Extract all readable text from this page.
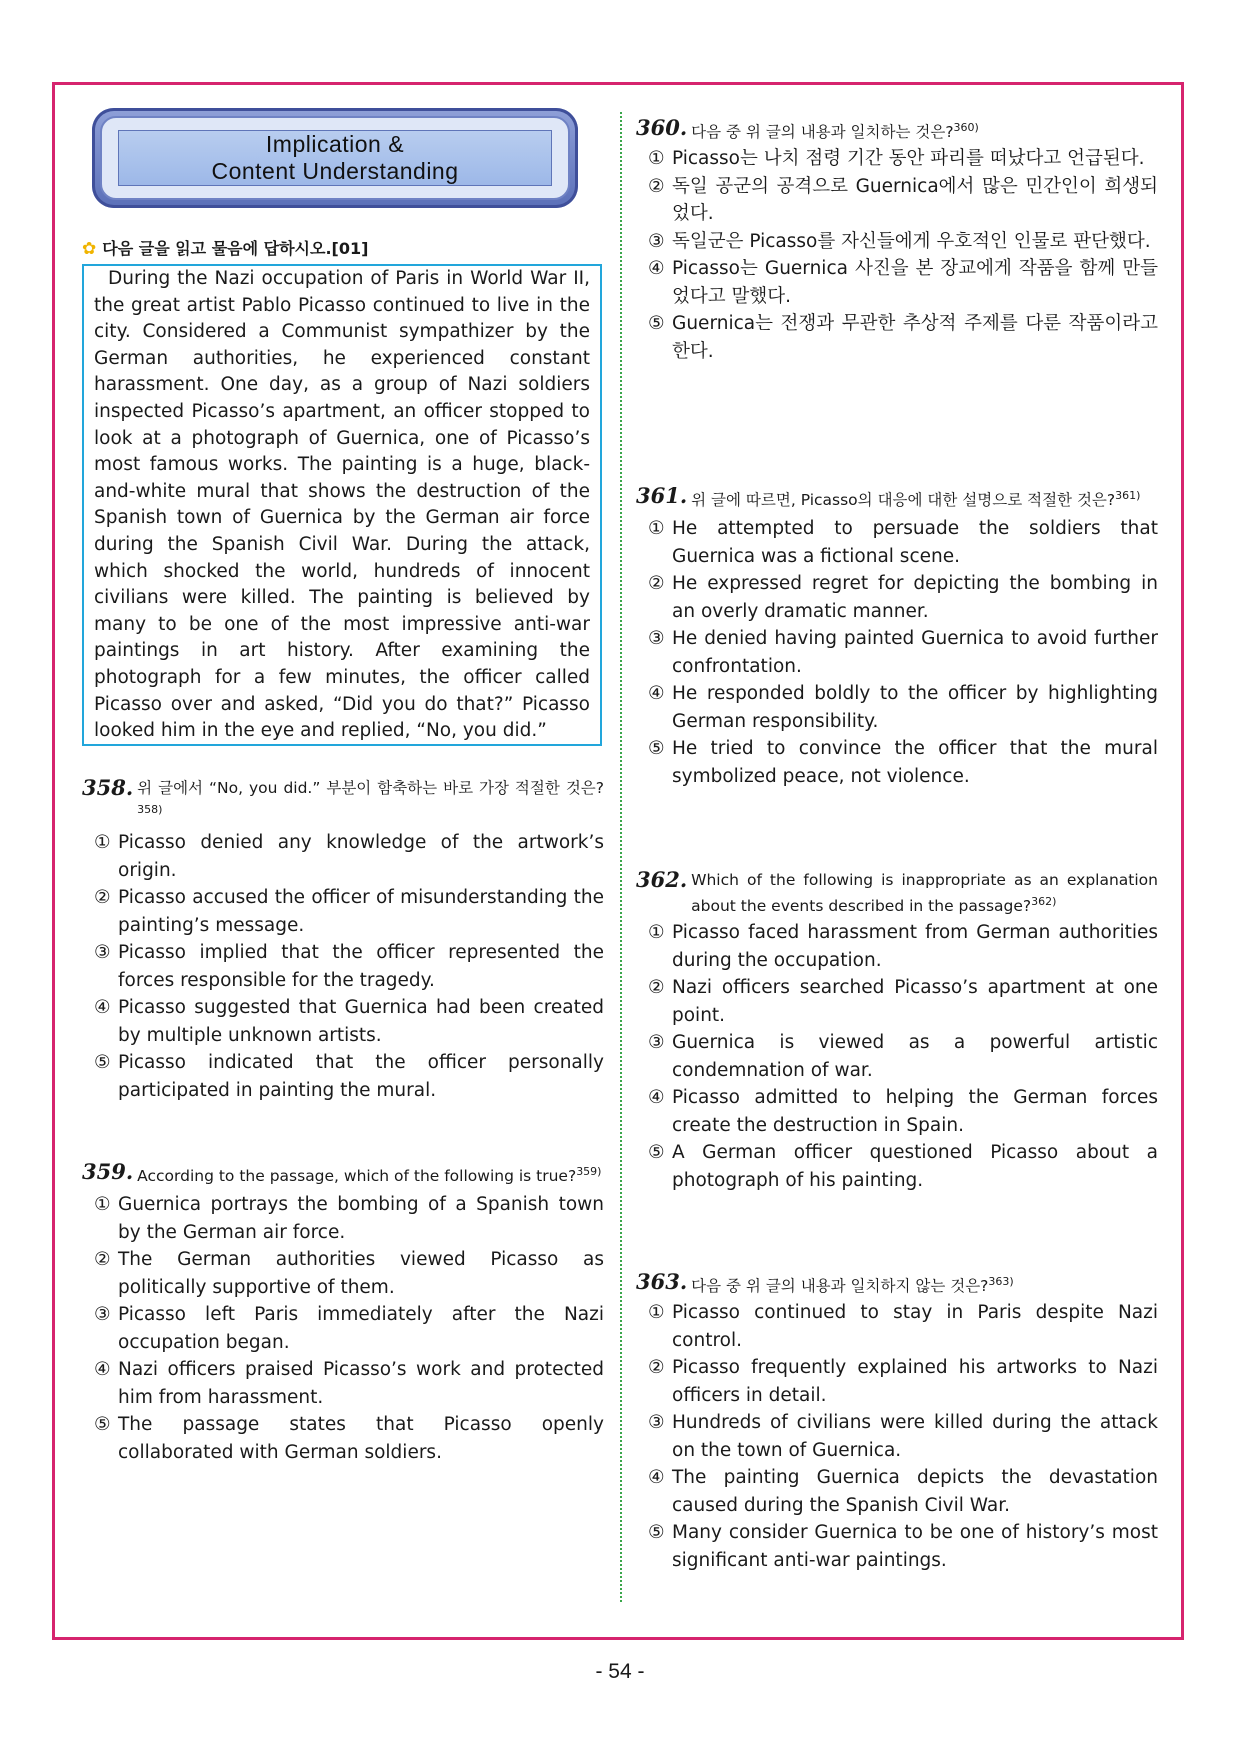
Implication &
Content Understanding
✿ 다음 글을 읽고 물음에 답하시오.[01]

During the Nazi occupation of Paris in World War II, the great artist Pablo Picasso continued to live in the city. Considered a Communist sympathizer by the German authorities, he experienced constant harassment. One day, as a group of Nazi soldiers inspected Picasso’s apartment, an officer stopped to look at a photograph of Guernica, one of Picasso’s most famous works. The painting is a huge, black-and-white mural that shows the destruction of the Spanish town of Guernica by the German air force during the Spanish Civil War. During the attack, which shocked the world, hundreds of innocent civilians were killed. The painting is believed by many to be one of the most impressive anti-war paintings in art history. After examining the photograph for a few minutes, the officer called Picasso over and asked, “Did you do that?” Picasso looked him in the eye and replied, “No, you did.”

358. 위 글에서 “No, you did.” 부분이 함축하는 바로 가장 적절한 것은?$^{358)}$
① Picasso denied any knowledge of the artwork’s origin.
② Picasso accused the officer of misunderstanding the painting’s message.
③ Picasso implied that the officer represented the forces responsible for the tragedy.
④ Picasso suggested that Guernica had been created by multiple unknown artists.
⑤ Picasso indicated that the officer personally participated in painting the mural.
359. According to the passage, which of the following is true?$^{359)}$
① Guernica portrays the bombing of a Spanish town by the German air force.
② The German authorities viewed Picasso as politically supportive of them.
③ Picasso left Paris immediately after the Nazi occupation began.
④ Nazi officers praised Picasso’s work and protected him from harassment.
⑤ The passage states that Picasso openly collaborated with German soldiers.
360. 다음 중 위 글의 내용과 일치하는 것은?$^{360)}$
① Picasso는 나치 점령 기간 동안 파리를 떠났다고 언급된다.
② 독일 공군의 공격으로 Guernica에서 많은 민간인이 희생되었다.
③ 독일군은 Picasso를 자신들에게 우호적인 인물로 판단했다.
④ Picasso는 Guernica 사진을 본 장교에게 작품을 함께 만들었다고 말했다.
⑤ Guernica는 전쟁과 무관한 추상적 주제를 다룬 작품이라고 한다.
361. 위 글에 따르면, Picasso의 대응에 대한 설명으로 적절한 것은?$^{361)}$
① He attempted to persuade the soldiers that Guernica was a fictional scene.
② He expressed regret for depicting the bombing in an overly dramatic manner.
③ He denied having painted Guernica to avoid further confrontation.
④ He responded boldly to the officer by highlighting German responsibility.
⑤ He tried to convince the officer that the mural symbolized peace, not violence.
362. Which of the following is inappropriate as an explanation about the events described in the passage?$^{362)}$
① Picasso faced harassment from German authorities during the occupation.
② Nazi officers searched Picasso’s apartment at one point.
③ Guernica is viewed as a powerful artistic condemnation of war.
④ Picasso admitted to helping the German forces create the destruction in Spain.
⑤ A German officer questioned Picasso about a photograph of his painting.
363. 다음 중 위 글의 내용과 일치하지 않는 것은?$^{363)}$
① Picasso continued to stay in Paris despite Nazi control.
② Picasso frequently explained his artworks to Nazi officers in detail.
③ Hundreds of civilians were killed during the attack on the town of Guernica.
④ The painting Guernica depicts the devastation caused during the Spanish Civil War.
⑤ Many consider Guernica to be one of history’s most significant anti-war paintings.
- 54 -
